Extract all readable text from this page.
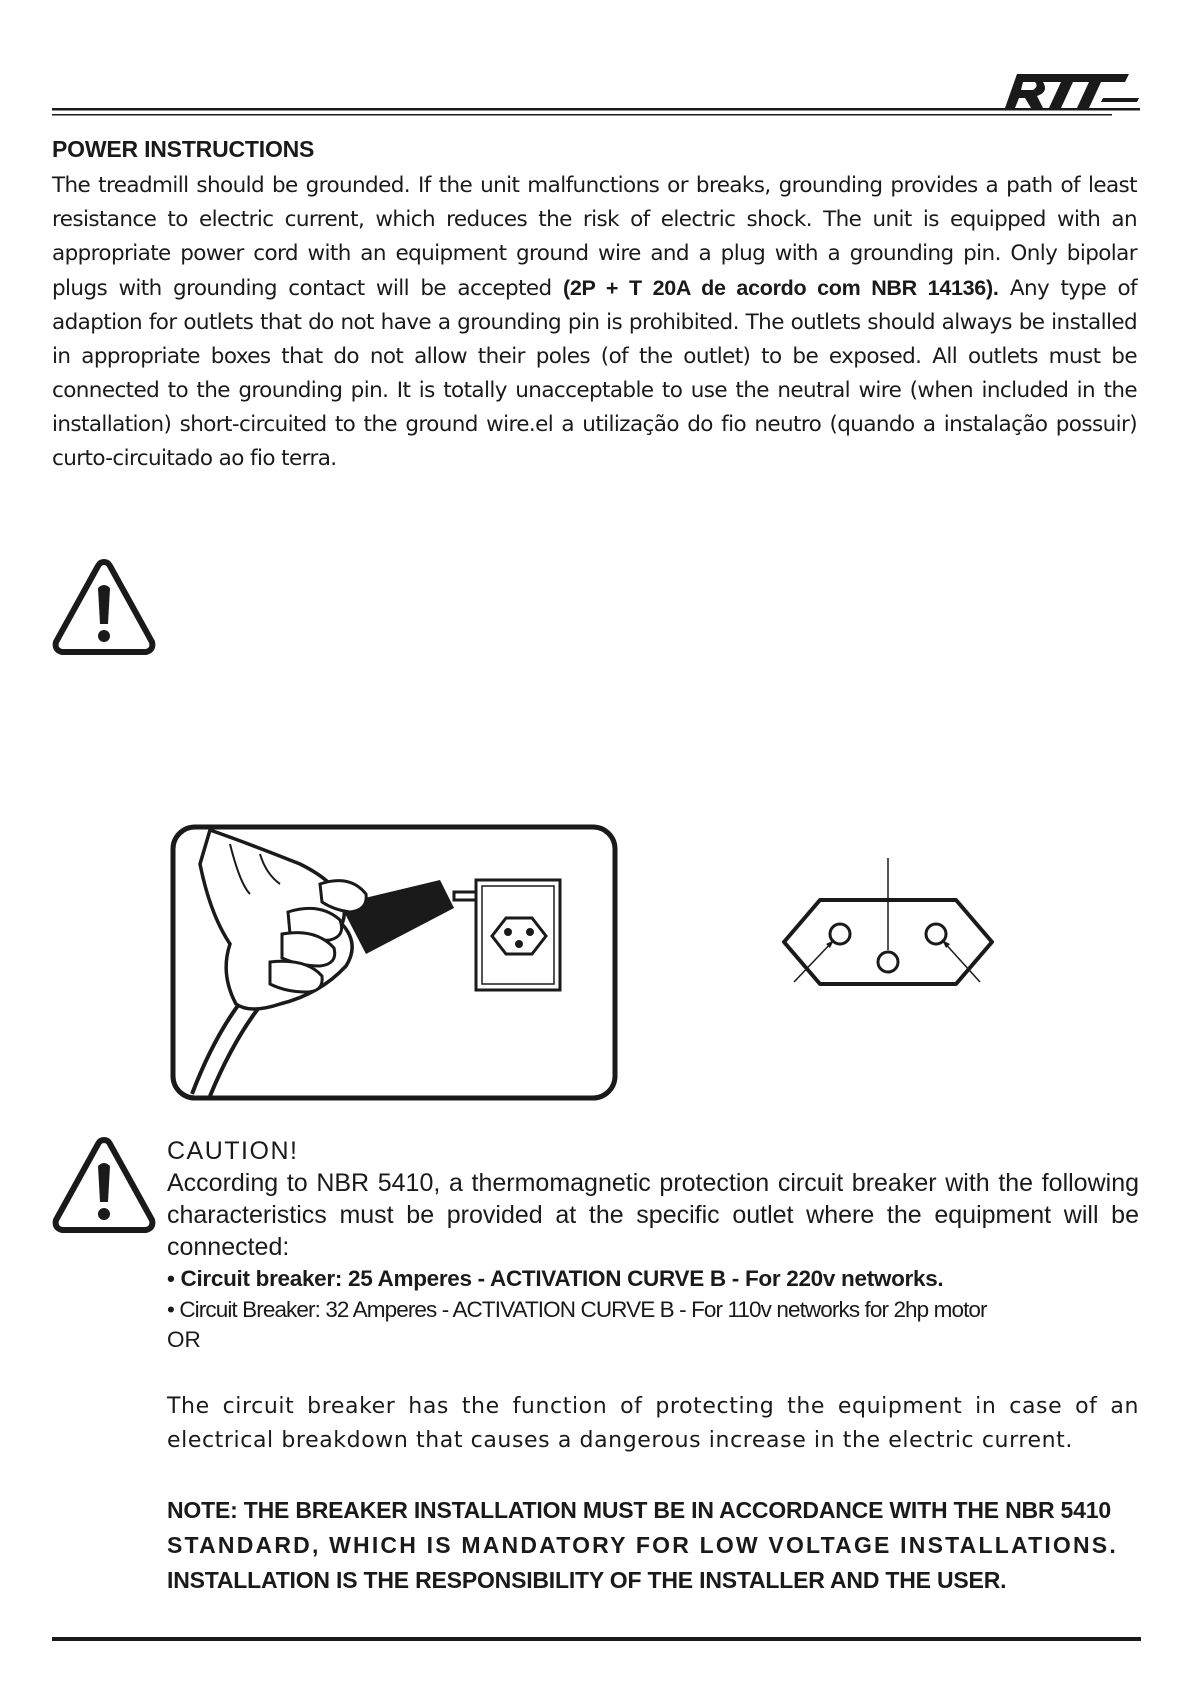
POWER INSTRUCTIONS
The treadmill should be grounded. If the unit malfunctions or breaks, grounding provides a path of least resistance to electric current, which reduces the risk of electric shock. The unit is equipped with an appropriate power cord with an equipment ground wire and a plug with a grounding pin. Only bipolar plugs with grounding contact will be accepted (2P + T 20A de acordo com NBR 14136). Any type of adaption for outlets that do not have a grounding pin is prohibited. The outlets should always be installed in appropriate boxes that do not allow their poles (of the outlet) to be exposed. All outlets must be connected to the grounding pin. It is totally unacceptable to use the neutral wire (when included in the installation) short-circuited to the ground wire.el a utilização do fio neutro (quando a instalação possuir) curto-circuitado ao fio terra.
CAUTION!
According to NBR 5410, a thermomagnetic protection circuit breaker with the following characteristics must be provided at the specific outlet where the equipment will be connected:
• Circuit breaker: 25 Amperes - ACTIVATION CURVE B - For 220v networks.
• Circuit Breaker: 32 Amperes - ACTIVATION CURVE B - For 110v networks for 2hp motor
OR
The circuit breaker has the function of protecting the equipment in case of an electrical breakdown that causes a dangerous increase in the electric current.
NOTE: THE BREAKER INSTALLATION MUST BE IN ACCORDANCE WITH THE NBR 5410
STANDARD, WHICH IS MANDATORY FOR LOW VOLTAGE INSTALLATIONS.
INSTALLATION IS THE RESPONSIBILITY OF THE INSTALLER AND THE USER.
